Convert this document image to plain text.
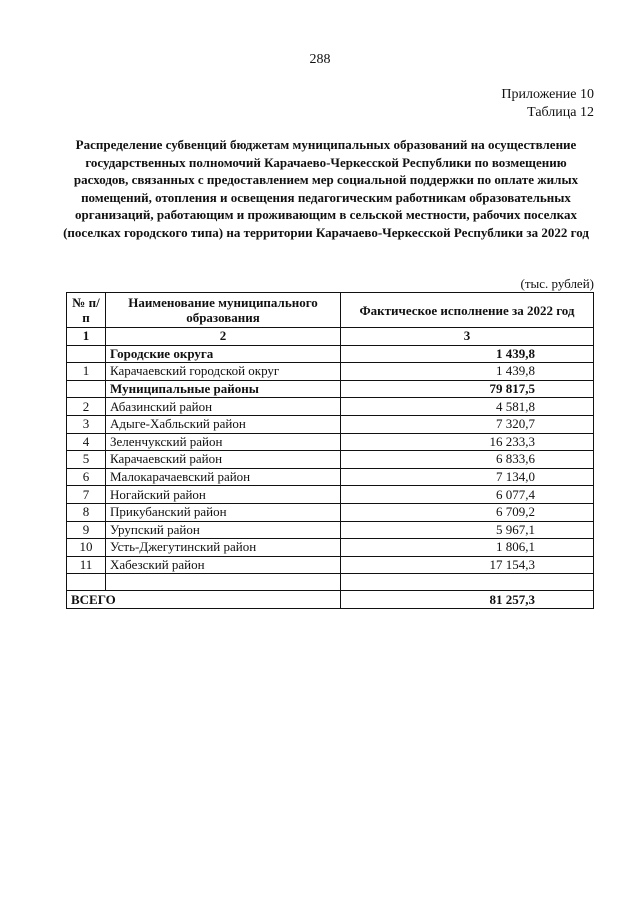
288
Приложение 10
Таблица 12
Распределение субвенций бюджетам муниципальных образований на осуществление государственных полномочий Карачаево-Черкесской Республики по возмещению расходов, связанных с предоставлением мер социальной поддержки по оплате жилых помещений, отопления и освещения педагогическим работникам образовательных организаций, работающим и проживающим в сельской местности, рабочих поселках (поселках городского типа) на территории Карачаево-Черкесской Республики за 2022 год
(тыс. рублей)
№ п/п	Наименование муниципального образования	Фактическое исполнение за 2022 год
1	2	3
	Городские округа	1 439,8
1	Карачаевский городской округ	1 439,8
	Муниципальные районы	79 817,5
2	Абазинский район	4 581,8
3	Адыге-Хабльский район	7 320,7
4	Зеленчукский район	16 233,3
5	Карачаевский район	6 833,6
6	Малокарачаевский район	7 134,0
7	Ногайский район	6 077,4
8	Прикубанский район	6 709,2
9	Урупский район	5 967,1
10	Усть-Джегутинский район	1 806,1
11	Хабезский район	17 154,3

ВСЕГО		81 257,3
